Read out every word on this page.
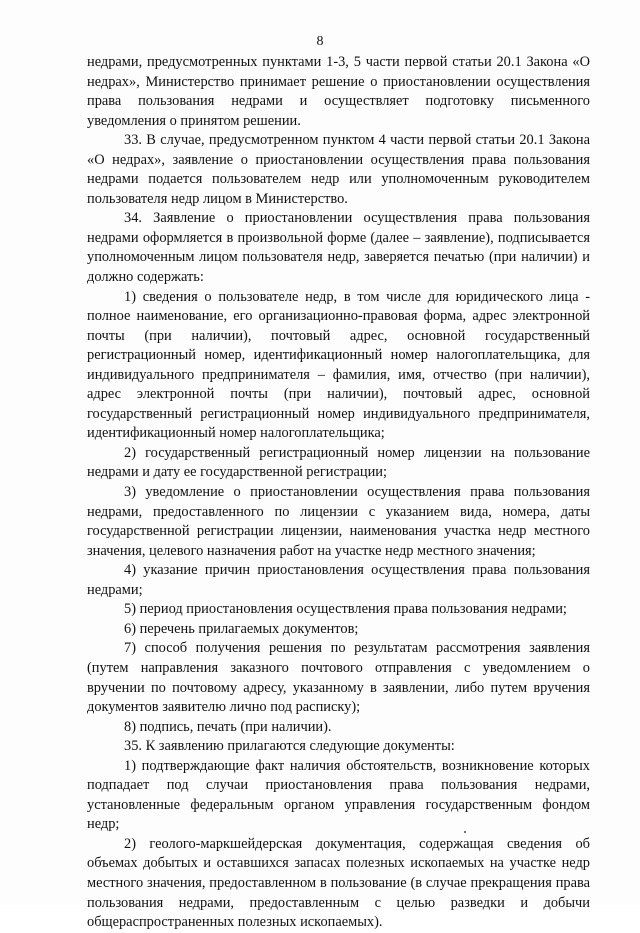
8

недрами, предусмотренных пунктами 1-3, 5 части первой статьи 20.1 Закона «О недрах», Министерство принимает решение о приостановлении осуществления права пользования недрами и осуществляет подготовку письменного уведомления о принятом решении.

33. В случае, предусмотренном пунктом 4 части первой статьи 20.1 Закона «О недрах», заявление о приостановлении осуществления права пользования недрами подается пользователем недр или уполномоченным руководителем пользователя недр лицом в Министерство.

34. Заявление о приостановлении осуществления права пользования недрами оформляется в произвольной форме (далее – заявление), подписывается уполномоченным лицом пользователя недр, заверяется печатью (при наличии) и должно содержать:

1) сведения о пользователе недр, в том числе для юридического лица - полное наименование, его организационно-правовая форма, адрес электронной почты (при наличии), почтовый адрес, основной государственный регистрационный номер, идентификационный номер налогоплательщика, для индивидуального предпринимателя – фамилия, имя, отчество (при наличии), адрес электронной почты (при наличии), почтовый адрес, основной государственный регистрационный номер индивидуального предпринимателя, идентификационный номер налогоплательщика;

2) государственный регистрационный номер лицензии на пользование недрами и дату ее государственной регистрации;

3) уведомление о приостановлении осуществления права пользования недрами, предоставленного по лицензии с указанием вида, номера, даты государственной регистрации лицензии, наименования участка недр местного значения, целевого назначения работ на участке недр местного значения;

4) указание причин приостановления осуществления права пользования недрами;

5) период приостановления осуществления права пользования недрами;

6) перечень прилагаемых документов;

7) способ получения решения по результатам рассмотрения заявления (путем направления заказного почтового отправления с уведомлением о вручении по почтовому адресу, указанному в заявлении, либо путем вручения документов заявителю лично под расписку);

8) подпись, печать (при наличии).

35. К заявлению прилагаются следующие документы:

1) подтверждающие факт наличия обстоятельств, возникновение которых подпадает под случаи приостановления права пользования недрами, установленные федеральным органом управления государственным фондом недр;

2) геолого-маркшейдерская документация, содержащая сведения об объемах добытых и оставшихся запасах полезных ископаемых на участке недр местного значения, предоставленном в пользование (в случае прекращения права пользования недрами, предоставленным с целью разведки и добычи общераспространенных полезных ископаемых).
